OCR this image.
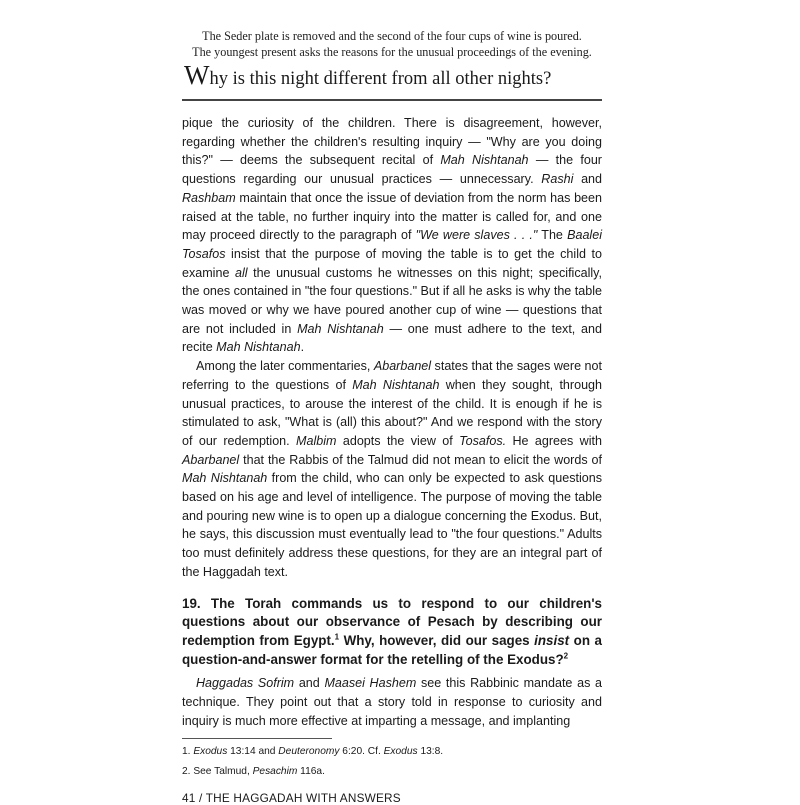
The Seder plate is removed and the second of the four cups of wine is poured.
The youngest present asks the reasons for the unusual proceedings of the evening.
Why is this night different from all other nights?

pique the curiosity of the children. There is disagreement, however, regarding whether the children's resulting inquiry — "Why are you doing this?" — deems the subsequent recital of Mah Nishtanah — the four questions regarding our unusual practices — unnecessary. Rashi and Rashbam maintain that once the issue of deviation from the norm has been raised at the table, no further inquiry into the matter is called for, and one may proceed directly to the paragraph of "We were slaves . . ." The Baalei Tosafos insist that the purpose of moving the table is to get the child to examine all the unusual customs he witnesses on this night; specifically, the ones contained in "the four questions." But if all he asks is why the table was moved or why we have poured another cup of wine — questions that are not included in Mah Nishtanah — one must adhere to the text, and recite Mah Nishtanah.

Among the later commentaries, Abarbanel states that the sages were not referring to the questions of Mah Nishtanah when they sought, through unusual practices, to arouse the interest of the child. It is enough if he is stimulated to ask, "What is (all) this about?" And we respond with the story of our redemption. Malbim adopts the view of Tosafos. He agrees with Abarbanel that the Rabbis of the Talmud did not mean to elicit the words of Mah Nishtanah from the child, who can only be expected to ask questions based on his age and level of intelligence. The purpose of moving the table and pouring new wine is to open up a dialogue concerning the Exodus. But, he says, this discussion must eventually lead to "the four questions." Adults too must definitely address these questions, for they are an integral part of the Haggadah text.

19. The Torah commands us to respond to our children's questions about our observance of Pesach by describing our redemption from Egypt.$^1$ Why, however, did our sages insist on a question-and-answer format for the retelling of the Exodus?$^2$

Haggadas Sofrim and Maasei Hashem see this Rabbinic mandate as a technique. They point out that a story told in response to curiosity and inquiry is much more effective at imparting a message, and implanting

1. Exodus 13:14 and Deuteronomy 6:20. Cf. Exodus 13:8.
2. See Talmud, Pesachim 116a.
41 / THE HAGGADAH WITH ANSWERS
